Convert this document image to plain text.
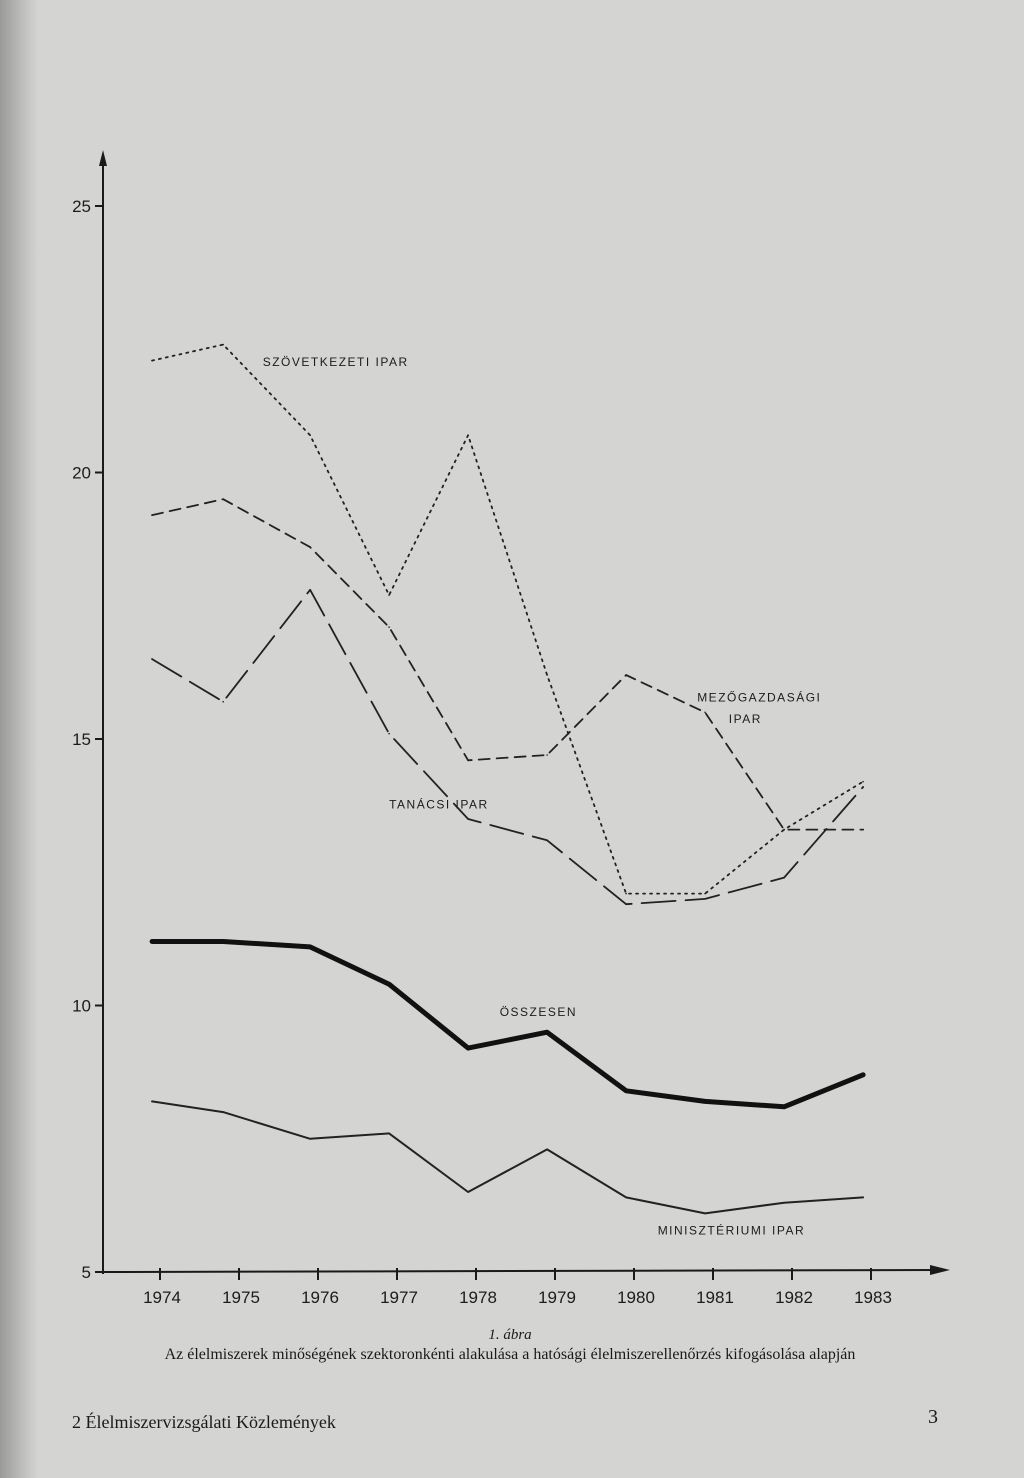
5
10
15
20
25
1974 1975 1976 1977 1978 1979 1980 1981 1982 1983
SZÖVETKEZETI IPAR
MEZŐGAZDASÁGI
IPAR
TANÁCSI IPAR
ÖSSZESEN
MINISZTÉRIUMI IPAR
1. ábra
Az élelmiszerek minőségének szektoronkénti alakulása a hatósági élelmiszerellenőrzés kifogásolása alapján
2 Élelmiszervizsgálati Közlemények	3
